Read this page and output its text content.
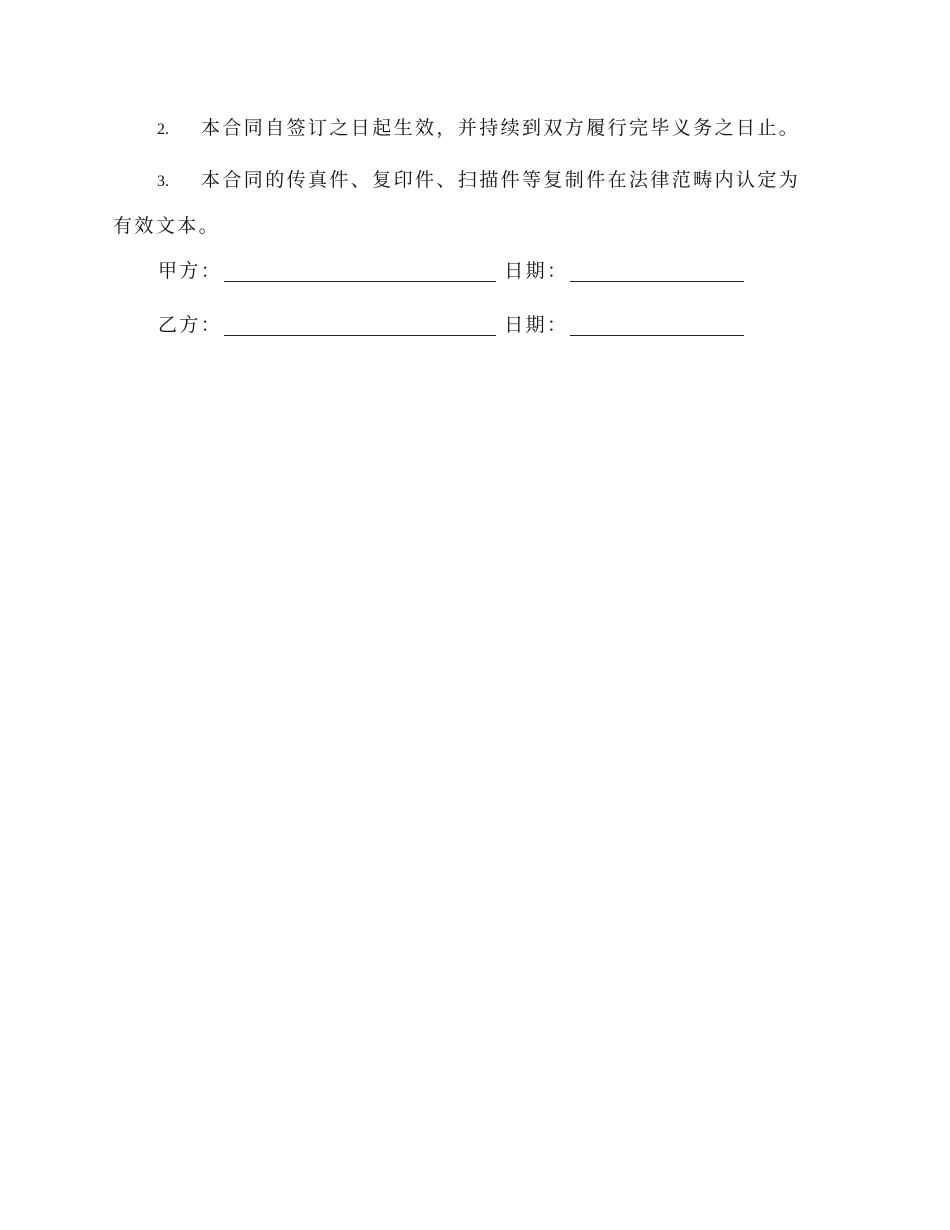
2. 本合同自签订之日起生效，并持续到双方履行完毕义务之日止。
3. 本合同的传真件、复印件、扫描件等复制件在法律范畴内认定为
有效文本。
甲方：	日期：
乙方：	日期：
